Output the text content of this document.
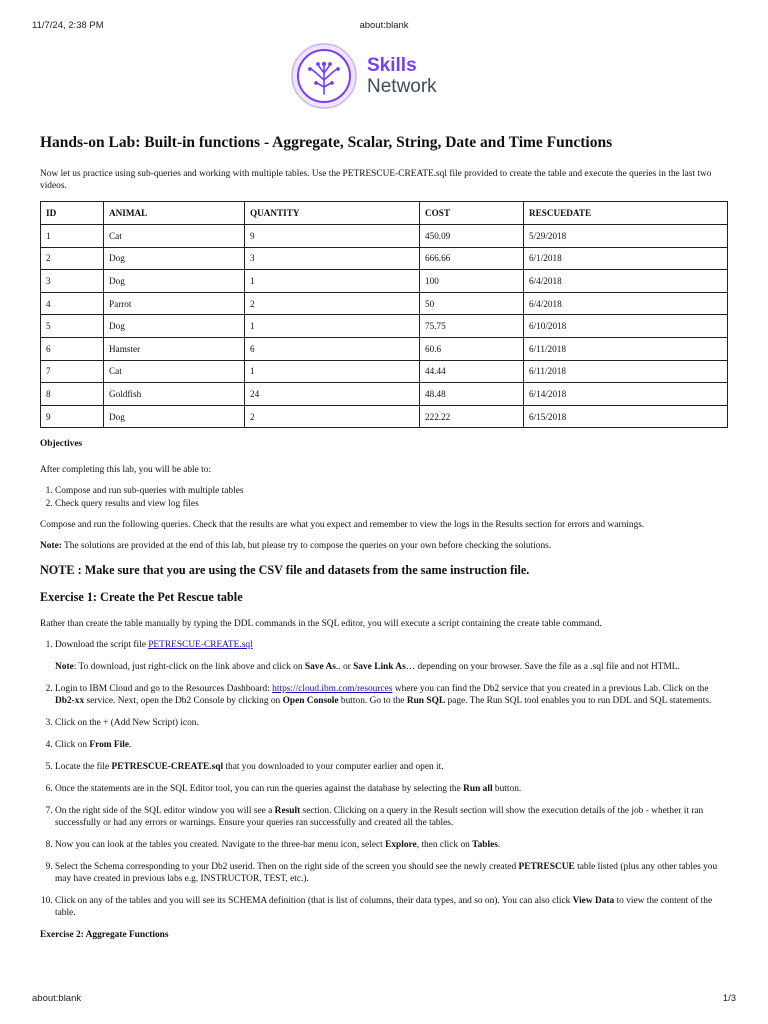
11/7/24, 2:38 PM	about:blank
Skills
Network
Hands-on Lab: Built-in functions - Aggregate, Scalar, String, Date and Time Functions

Now let us practice using sub-queries and working with multiple tables. Use the PETRESCUE-CREATE.sql file provided to create the table and execute the queries in the last two videos.

ID	ANIMAL	QUANTITY	COST	RESCUEDATE
1	Cat	9	450.09	5/29/2018
2	Dog	3	666.66	6/1/2018
3	Dog	1	100	6/4/2018
4	Parrot	2	50	6/4/2018
5	Dog	1	75.75	6/10/2018
6	Hamster	6	60.6	6/11/2018
7	Cat	1	44.44	6/11/2018
8	Goldfish	24	48.48	6/14/2018
9	Dog	2	222.22	6/15/2018

Objectives

After completing this lab, you will be able to:

1. Compose and run sub-queries with multiple tables
2. Check query results and view log files

Compose and run the following queries. Check that the results are what you expect and remember to view the logs in the Results section for errors and warnings.

Note: The solutions are provided at the end of this lab, but please try to compose the queries on your own before checking the solutions.

NOTE : Make sure that you are using the CSV file and datasets from the same instruction file.

Exercise 1: Create the Pet Rescue table

Rather than create the table manually by typing the DDL commands in the SQL editor, you will execute a script containing the create table command.

1. Download the script file PETRESCUE-CREATE.sql
Note: To download, just right-click on the link above and click on Save As.. or Save Link As… depending on your browser. Save the file as a .sql file and not HTML.
2. Login to IBM Cloud and go to the Resources Dashboard: https://cloud.ibm.com/resources where you can find the Db2 service that you created in a previous Lab. Click on the Db2-xx service. Next, open the Db2 Console by clicking on Open Console button. Go to the Run SQL page. The Run SQL tool enables you to run DDL and SQL statements.
3. Click on the + (Add New Script) icon.
4. Click on From File.
5. Locate the file PETRESCUE-CREATE.sql that you downloaded to your computer earlier and open it.
6. Once the statements are in the SQL Editor tool, you can run the queries against the database by selecting the Run all button.
7. On the right side of the SQL editor window you will see a Result section. Clicking on a query in the Result section will show the execution details of the job - whether it ran successfully or had any errors or warnings. Ensure your queries ran successfully and created all the tables.
8. Now you can look at the tables you created. Navigate to the three-bar menu icon, select Explore, then click on Tables.
9. Select the Schema corresponding to your Db2 userid. Then on the right side of the screen you should see the newly created PETRESCUE table listed (plus any other tables you may have created in previous labs e.g. INSTRUCTOR, TEST, etc.).
10. Click on any of the tables and you will see its SCHEMA definition (that is list of columns, their data types, and so on). You can also click View Data to view the content of the table.

Exercise 2: Aggregate Functions

about:blank	1/3
